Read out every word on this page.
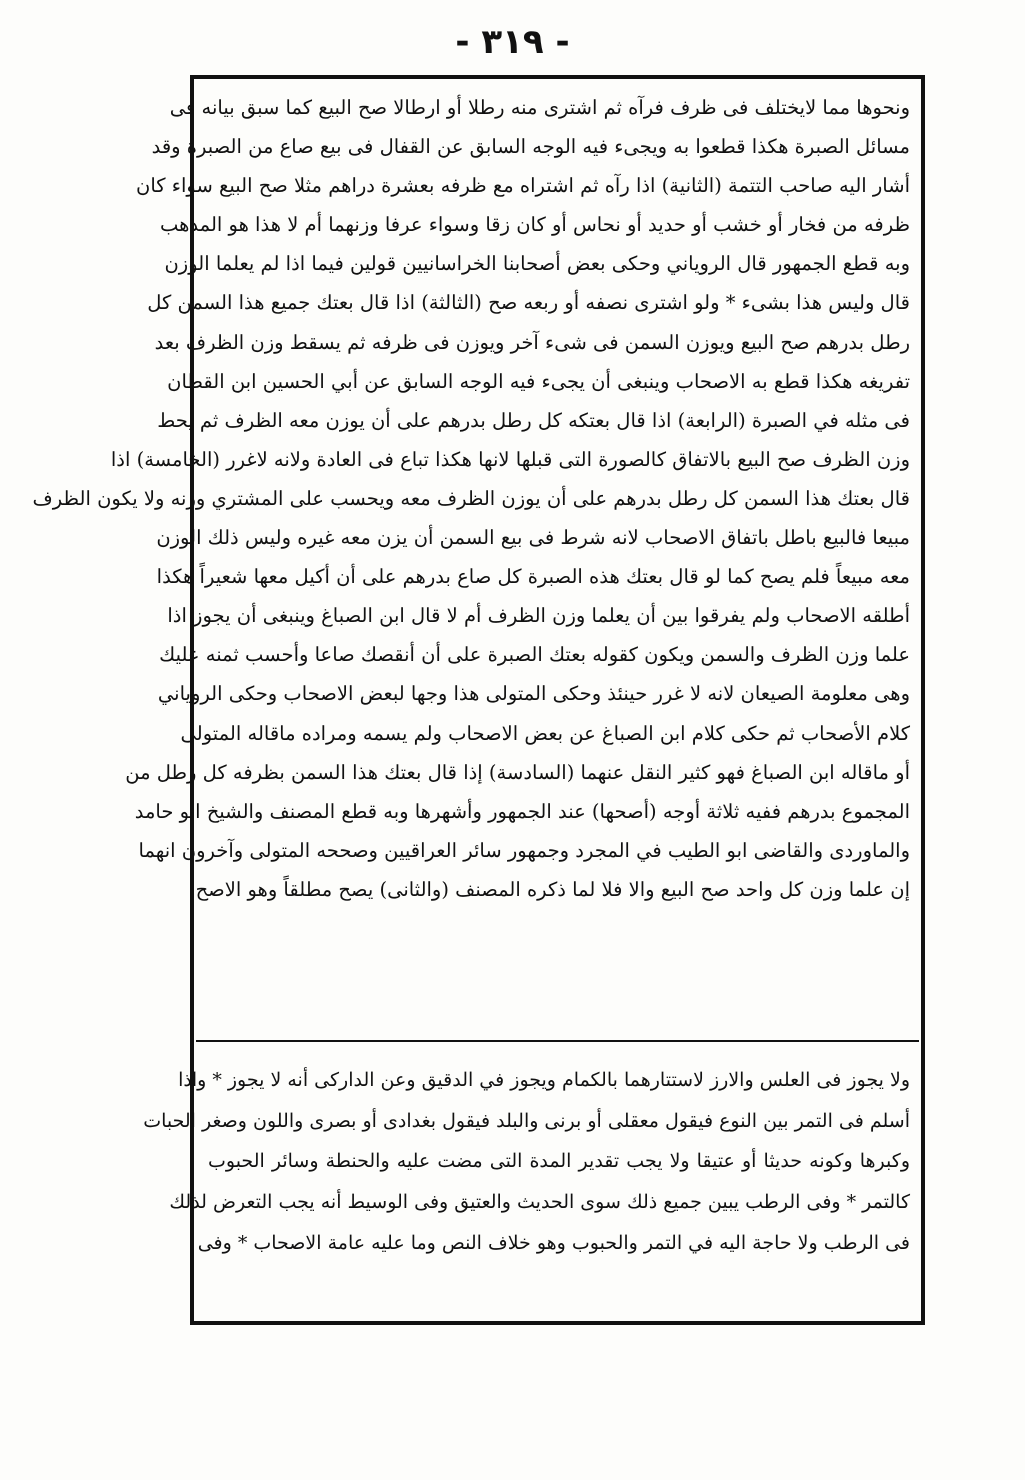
- ٣١٩ -
ونحوها مما لايختلف فى ظرف فرآه ثم اشترى منه رطلا أو ارطالا صح البيع كما سبق بيانه فى
مسائل الصبرة هكذا قطعوا به ويجىء فيه الوجه السابق عن القفال فى بيع صاع من الصبرة وقد
أشار اليه صاحب التتمة (الثانية) اذا رآه ثم اشتراه مع ظرفه بعشرة دراهم مثلا صح البيع سواء كان
ظرفه من فخار أو خشب أو حديد أو نحاس أو كان زقا وسواء عرفا وزنهما أم لا هذا هو المذهب
وبه قطع الجمهور قال الروياني وحكى بعض أصحابنا الخراسانيين قولين فيما اذا لم يعلما الوزن
قال وليس هذا بشىء * ولو اشترى نصفه أو ربعه صح (الثالثة) اذا قال بعتك جميع هذا السمن كل
رطل بدرهم صح البيع ويوزن السمن فى شىء آخر ويوزن فى ظرفه ثم يسقط وزن الظرف بعد
تفريغه هكذا قطع به الاصحاب وينبغى أن يجىء فيه الوجه السابق عن أبي الحسين ابن القطان
فى مثله في الصبرة (الرابعة) اذا قال بعتكه كل رطل بدرهم على أن يوزن معه الظرف ثم يحط
وزن الظرف صح البيع بالاتفاق كالصورة التى قبلها لانها هكذا تباع فى العادة ولانه لاغرر (الخامسة) اذا
قال بعتك هذا السمن كل رطل بدرهم على أن يوزن الظرف معه ويحسب على المشتري وزنه ولا يكون الظرف
مبيعا فالبيع باطل باتفاق الاصحاب لانه شرط فى بيع السمن أن يزن معه غيره وليس ذلك الوزن
معه مبيعاً فلم يصح كما لو قال بعتك هذه الصبرة كل صاع بدرهم على أن أكيل معها شعيراً هكذا
أطلقه الاصحاب ولم يفرقوا بين أن يعلما وزن الظرف أم لا قال ابن الصباغ وينبغى أن يجوز اذا
علما وزن الظرف والسمن ويكون كقوله بعتك الصبرة على أن أنقصك صاعا وأحسب ثمنه عليك
وهى معلومة الصيعان لانه لا غرر حينئذ وحكى المتولى هذا وجها لبعض الاصحاب وحكى الروياني
كلام الأصحاب ثم حكى كلام ابن الصباغ عن بعض الاصحاب ولم يسمه ومراده ماقاله المتولى
أو ماقاله ابن الصباغ فهو كثير النقل عنهما (السادسة) إذا قال بعتك هذا السمن بظرفه كل رطل من
المجموع بدرهم ففيه ثلاثة أوجه (أصحها) عند الجمهور وأشهرها وبه قطع المصنف والشيخ ابو حامد
والماوردى والقاضى ابو الطيب في المجرد وجمهور سائر العراقيين وصححه المتولى وآخرون انهما
إن علما وزن كل واحد صح البيع والا فلا لما ذكره المصنف (والثانى) يصح مطلقاً وهو الاصح
ولا يجوز فى العلس والارز لاستتارهما بالكمام ويجوز في الدقيق وعن الداركى أنه لا يجوز * واذا
أسلم فى التمر بين النوع فيقول معقلى أو برنى والبلد فيقول بغدادى أو بصرى واللون وصغر الحبات
وكبرها وكونه حديثا أو عتيقا ولا يجب تقدير المدة التى مضت عليه والحنطة وسائر الحبوب
كالتمر * وفى الرطب يبين جميع ذلك سوى الحديث والعتيق وفى الوسيط أنه يجب التعرض لذلك
فى الرطب ولا حاجة اليه في التمر والحبوب وهو خلاف النص وما عليه عامة الاصحاب * وفى
